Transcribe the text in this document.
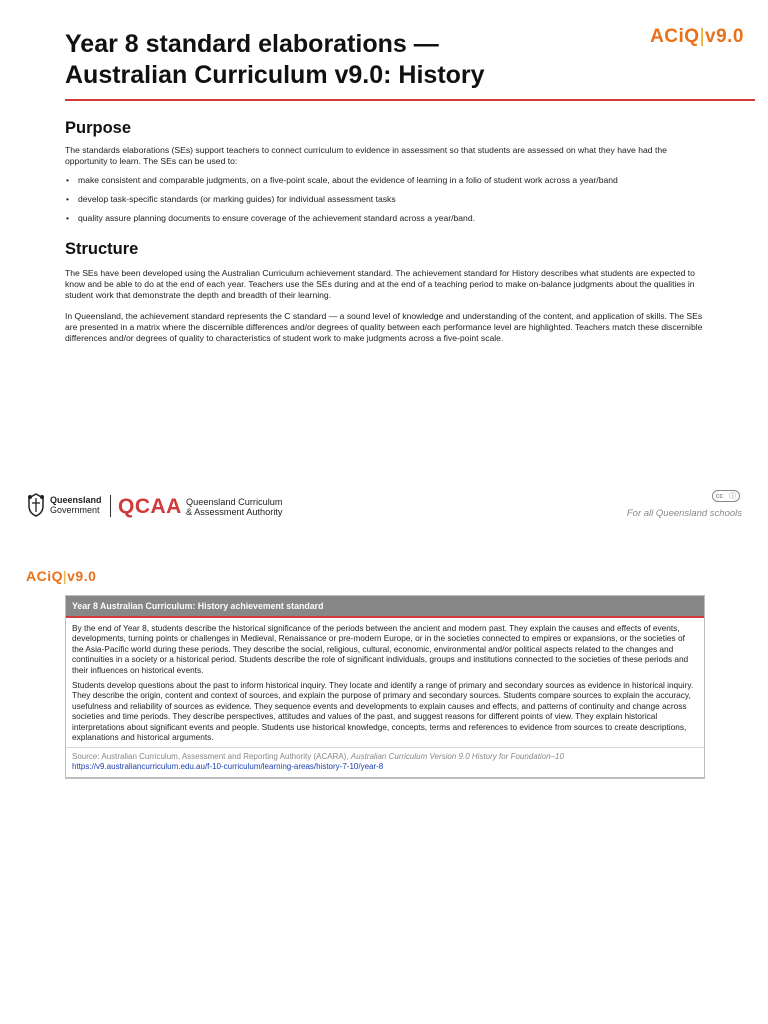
Year 8 standard elaborations —
Australian Curriculum v9.0: History
ACiQ|v9.0
Purpose

The standards elaborations (SEs) support teachers to connect curriculum to evidence in assessment so that students are assessed on what they have had the opportunity to learn. The SEs can be used to:

• make consistent and comparable judgments, on a five-point scale, about the evidence of learning in a folio of student work across a year/band
• develop task-specific standards (or marking guides) for individual assessment tasks
• quality assure planning documents to ensure coverage of the achievement standard across a year/band.
Structure

The SEs have been developed using the Australian Curriculum achievement standard. The achievement standard for History describes what students are expected to know and be able to do at the end of each year. Teachers use the SEs during and at the end of a teaching period to make on-balance judgments about the qualities in student work that demonstrate the depth and breadth of their learning.

In Queensland, the achievement standard represents the C standard — a sound level of knowledge and understanding of the content, and application of skills. The SEs are presented in a matrix where the discernible differences and/or degrees of quality between each performance level are highlighted. Teachers match these discernible differences and/or degrees of quality to characteristics of student work to make judgments across a five-point scale.

Queensland
Government QCAA Queensland Curriculum
& Assessment Authority
cc ⓘ
For all Queensland schools
ACiQ|v9.0
Year 8 Australian Curriculum: History achievement standard

By the end of Year 8, students describe the historical significance of the periods between the ancient and modern past. They explain the causes and effects of events, developments, turning points or challenges in Medieval, Renaissance or pre-modern Europe, or in the societies connected to empires or expansions, or the societies of the Asia-Pacific world during these periods. They describe the social, religious, cultural, economic, environmental and/or political aspects related to the changes and continuities in a society or a historical period. Students describe the role of significant individuals, groups and institutions connected to the societies of these periods and their influences on historical events.

Students develop questions about the past to inform historical inquiry. They locate and identify a range of primary and secondary sources as evidence in historical inquiry. They describe the origin, content and context of sources, and explain the purpose of primary and secondary sources. Students compare sources to explain the accuracy, usefulness and reliability of sources as evidence. They sequence events and developments to explain causes and effects, and patterns of continuity and change across societies and time periods. They describe perspectives, attitudes and values of the past, and suggest reasons for different points of view. They explain historical interpretations about significant events and people. Students use historical knowledge, concepts, terms and references to evidence from sources to create descriptions, explanations and historical arguments.

Source: Australian Curriculum, Assessment and Reporting Authority (ACARA), Australian Curriculum Version 9.0 History for Foundation–10
https://v9.australiancurriculum.edu.au/f-10-curriculum/learning-areas/history-7-10/year-8
